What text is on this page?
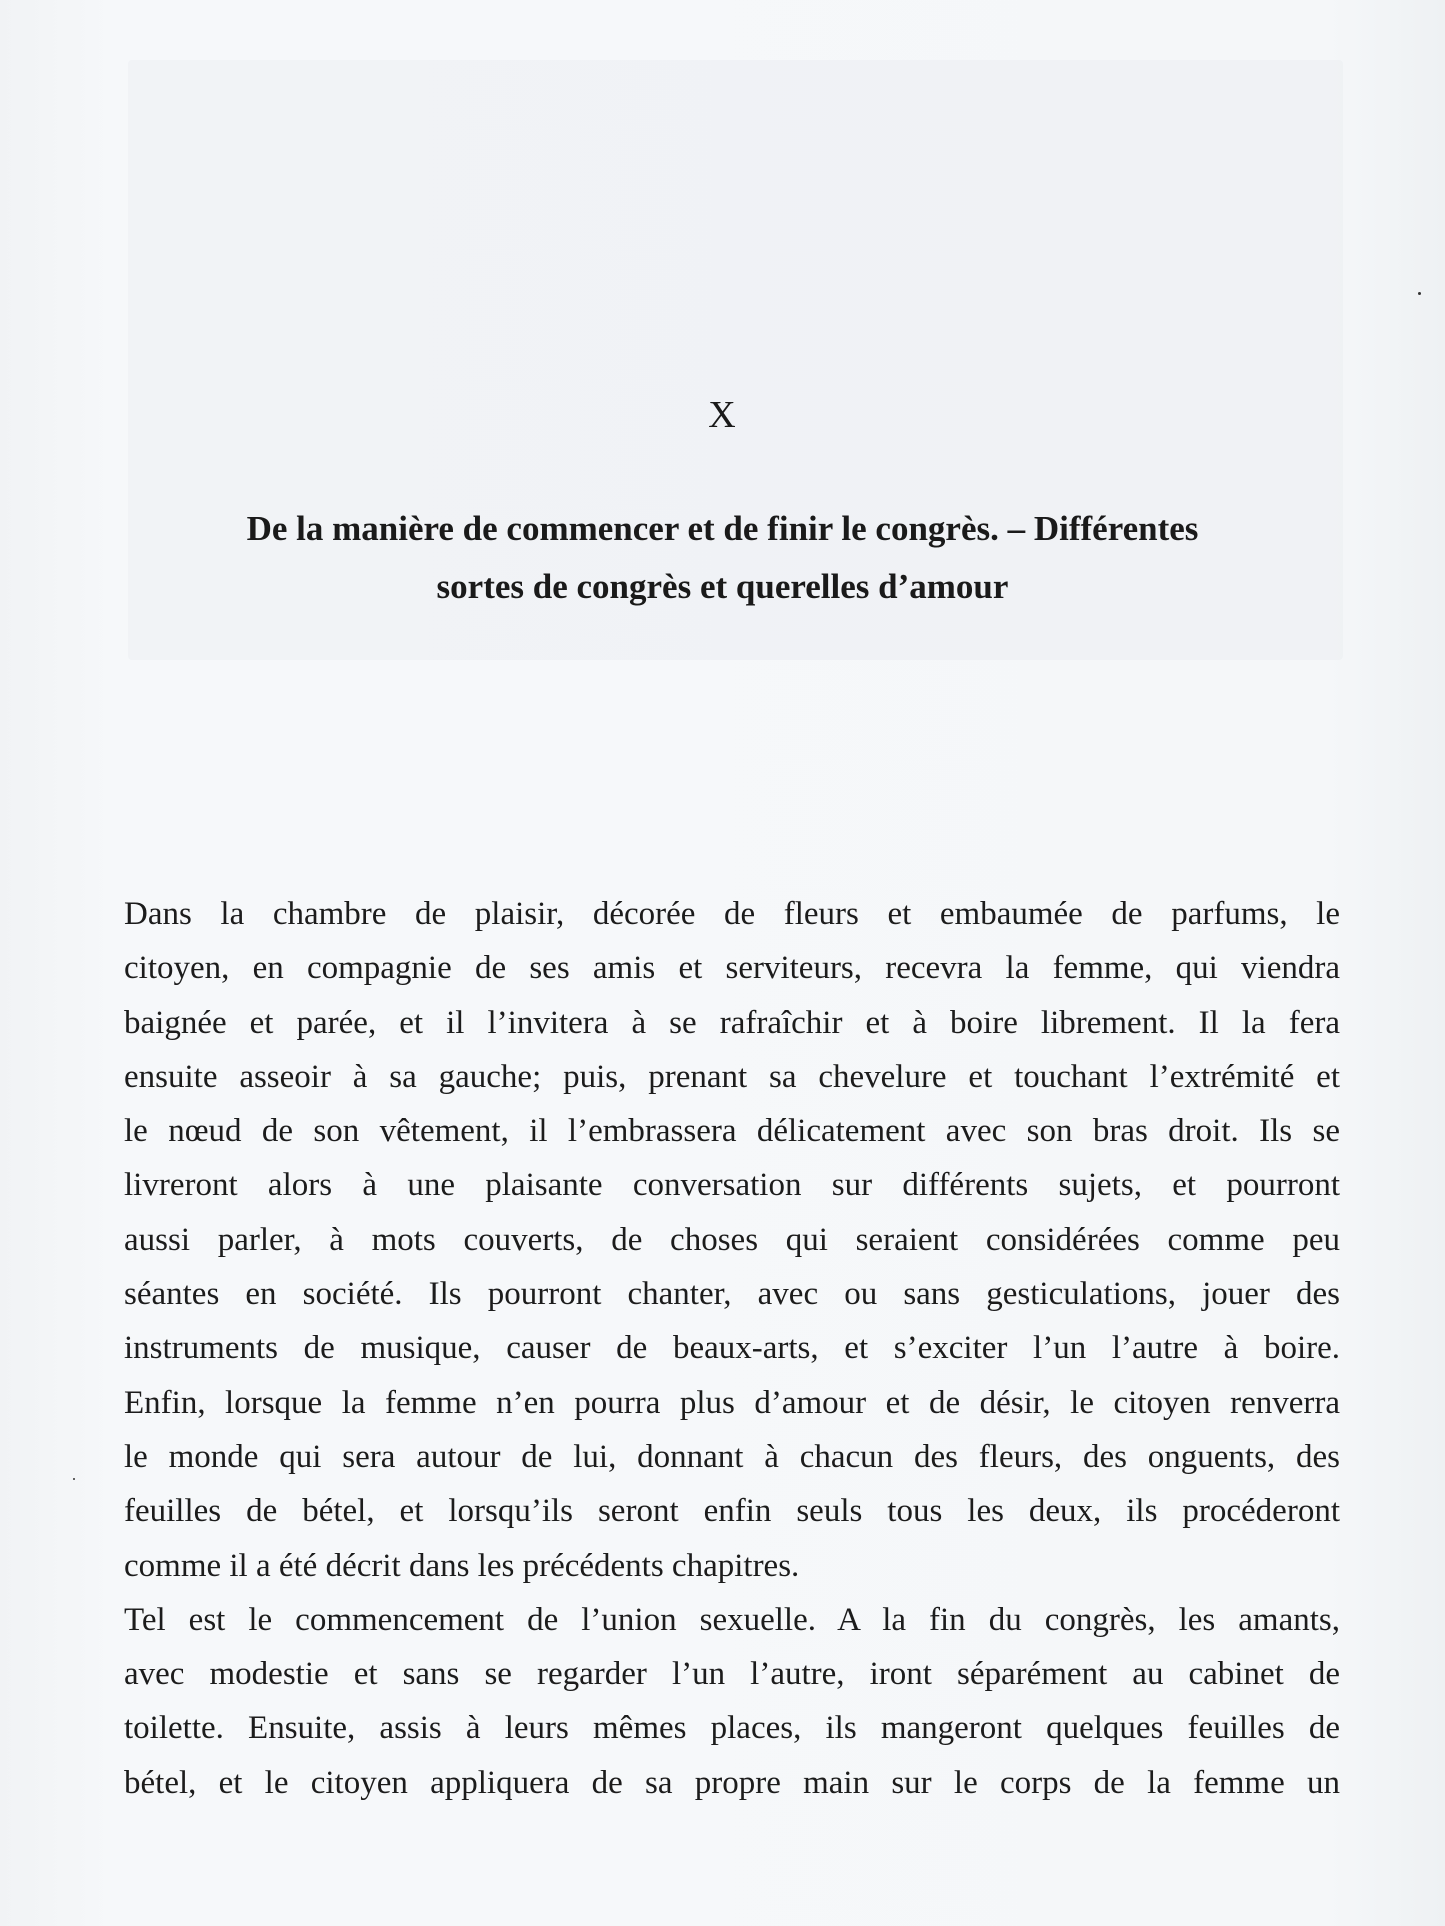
X
De la manière de commencer et de finir le congrès. – Différentes
sortes de congrès et querelles d’amour
Dans la chambre de plaisir, décorée de fleurs et embaumée de parfums, le
citoyen, en compagnie de ses amis et serviteurs, recevra la femme, qui viendra
baignée et parée, et il l’invitera à se rafraîchir et à boire librement. Il la fera
ensuite asseoir à sa gauche; puis, prenant sa chevelure et touchant l’extrémité et
le nœud de son vêtement, il l’embrassera délicatement avec son bras droit. Ils se
livreront alors à une plaisante conversation sur différents sujets, et pourront
aussi parler, à mots couverts, de choses qui seraient considérées comme peu
séantes en société. Ils pourront chanter, avec ou sans gesticulations, jouer des
instruments de musique, causer de beaux-arts, et s’exciter l’un l’autre à boire.
Enfin, lorsque la femme n’en pourra plus d’amour et de désir, le citoyen renverra
le monde qui sera autour de lui, donnant à chacun des fleurs, des onguents, des
feuilles de bétel, et lorsqu’ils seront enfin seuls tous les deux, ils procéderont
comme il a été décrit dans les précédents chapitres.
Tel est le commencement de l’union sexuelle. A la fin du congrès, les amants,
avec modestie et sans se regarder l’un l’autre, iront séparément au cabinet de
toilette. Ensuite, assis à leurs mêmes places, ils mangeront quelques feuilles de
bétel, et le citoyen appliquera de sa propre main sur le corps de la femme un
